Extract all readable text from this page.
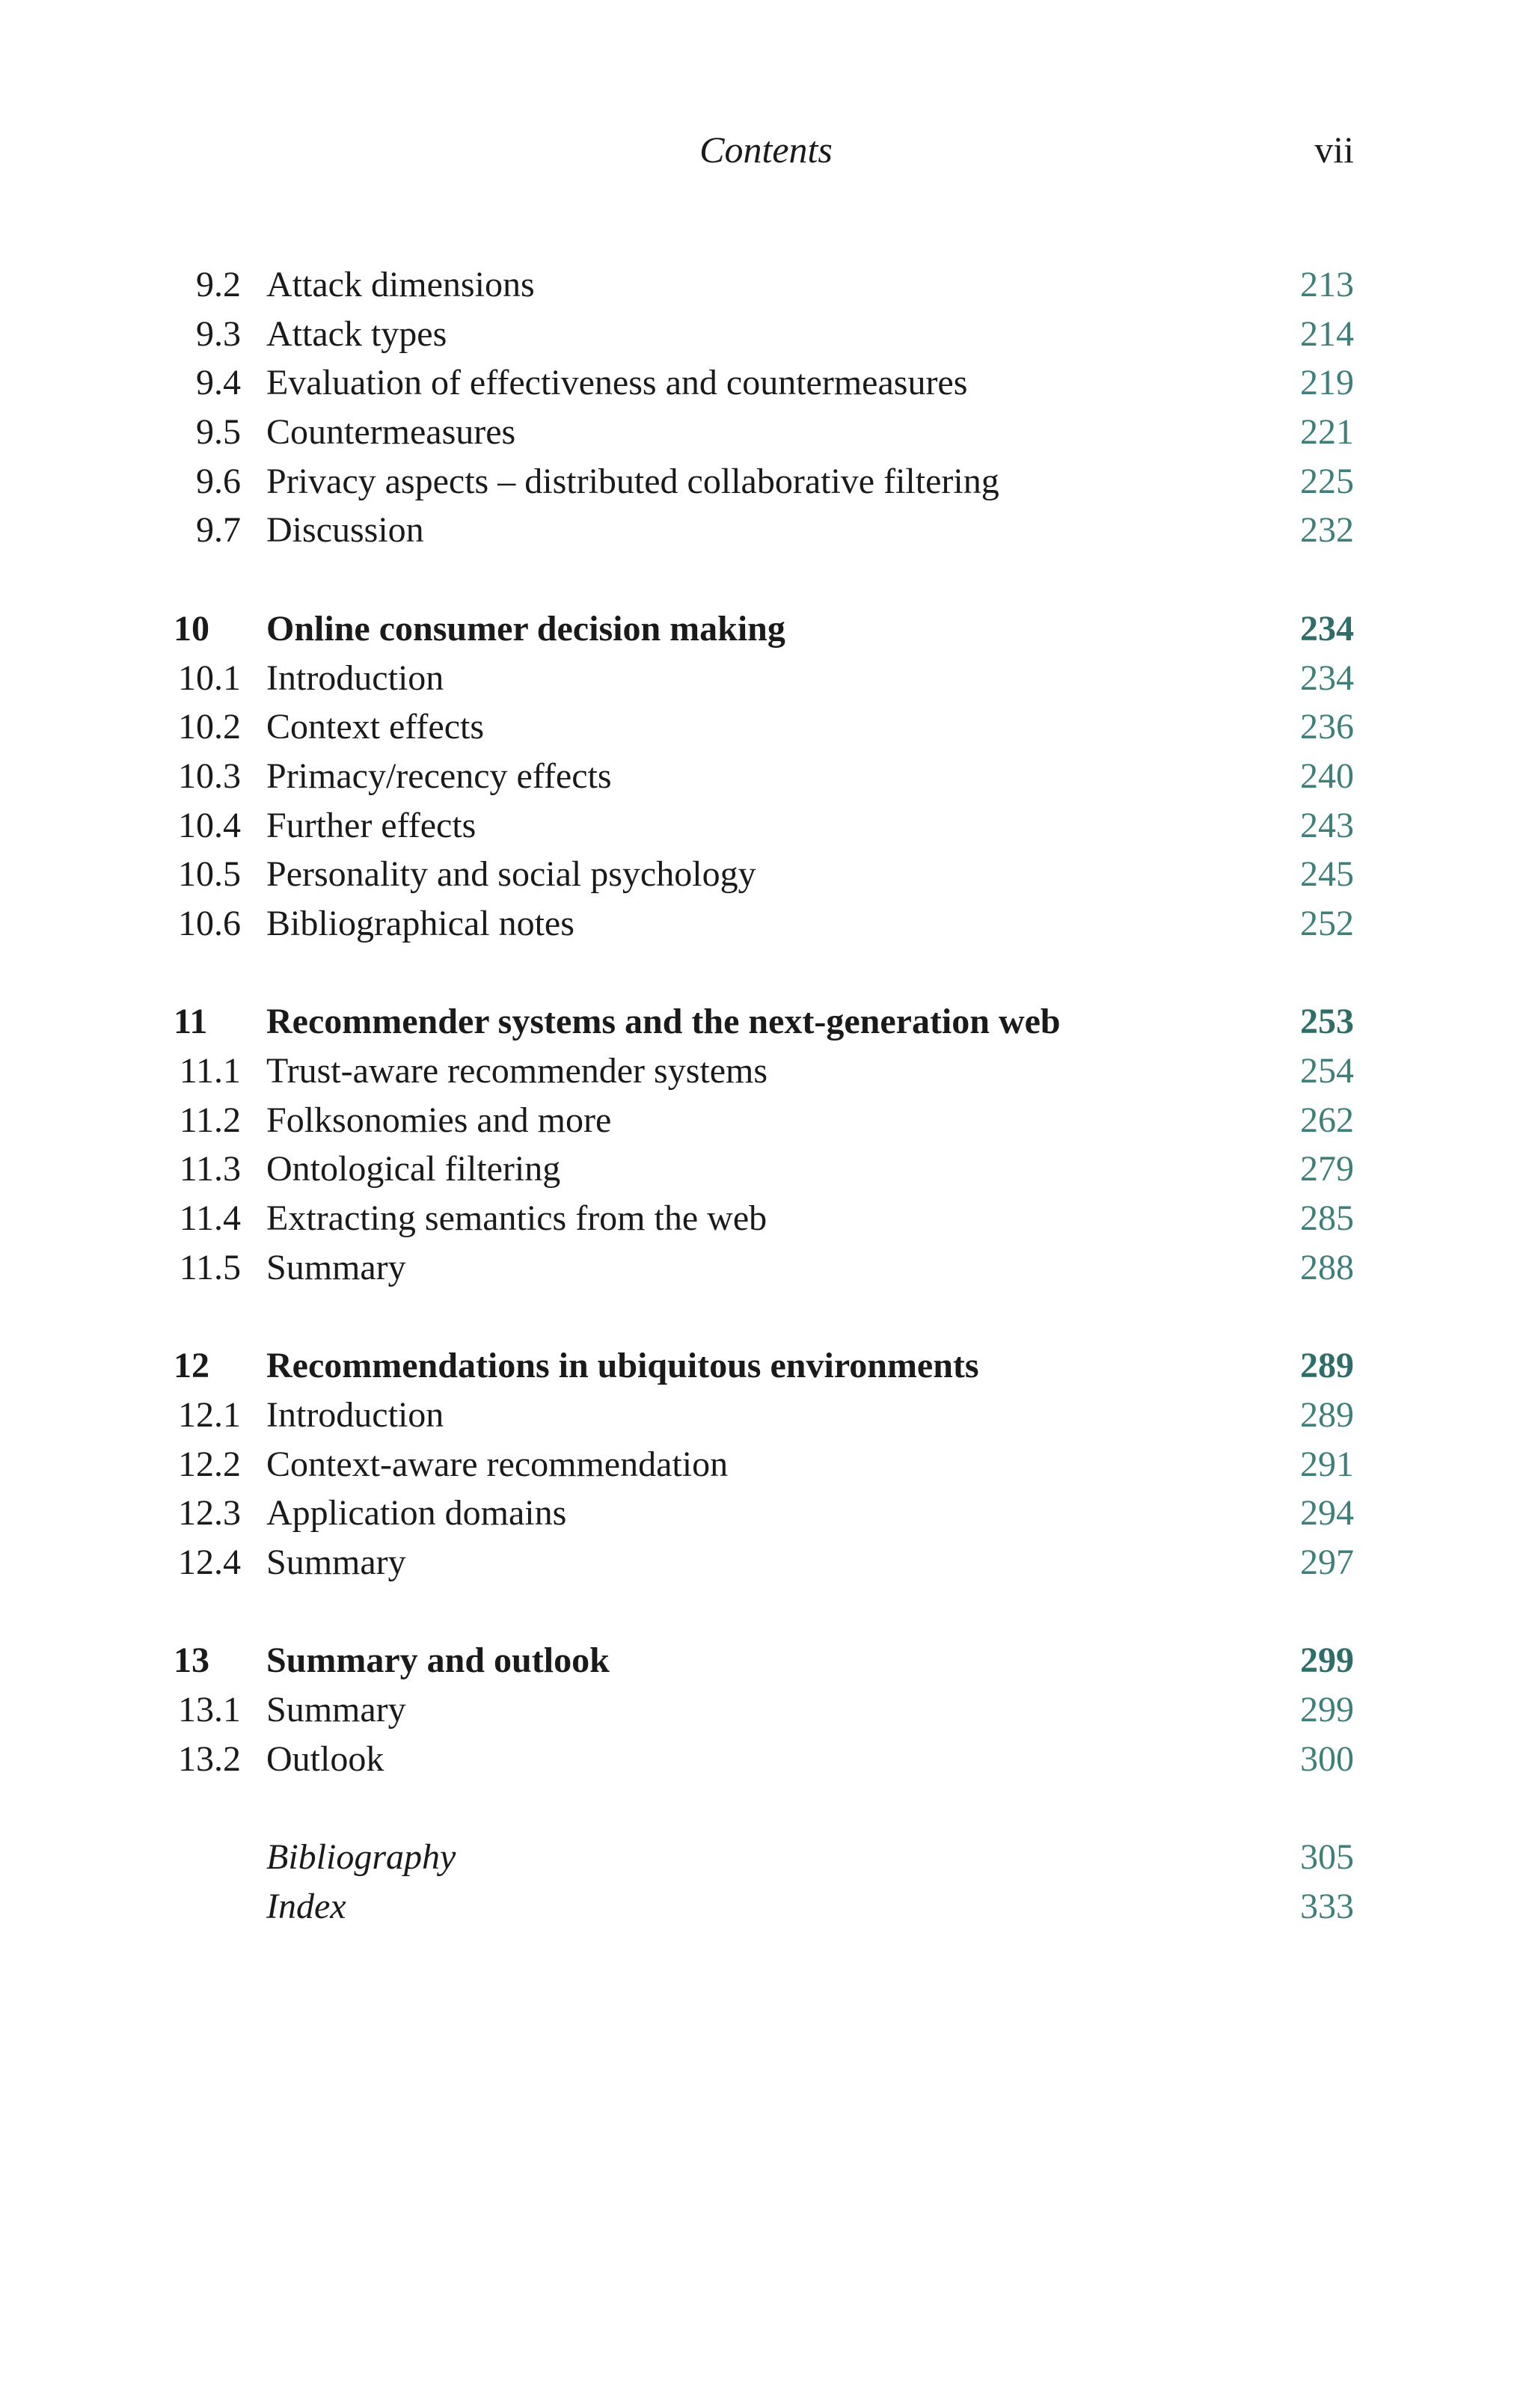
Contents	vii
9.2 Attack dimensions	213
9.3 Attack types	214
9.4 Evaluation of effectiveness and countermeasures	219
9.5 Countermeasures	221
9.6 Privacy aspects – distributed collaborative filtering	225
9.7 Discussion	232
10	Online consumer decision making	234
10.1 Introduction	234
10.2 Context effects	236
10.3 Primacy/recency effects	240
10.4 Further effects	243
10.5 Personality and social psychology	245
10.6 Bibliographical notes	252
11	Recommender systems and the next-generation web	253
11.1 Trust-aware recommender systems	254
11.2 Folksonomies and more	262
11.3 Ontological filtering	279
11.4 Extracting semantics from the web	285
11.5 Summary	288
12	Recommendations in ubiquitous environments	289
12.1 Introduction	289
12.2 Context-aware recommendation	291
12.3 Application domains	294
12.4 Summary	297
13	Summary and outlook	299
13.1 Summary	299
13.2 Outlook	300
Bibliography	305
Index	333
